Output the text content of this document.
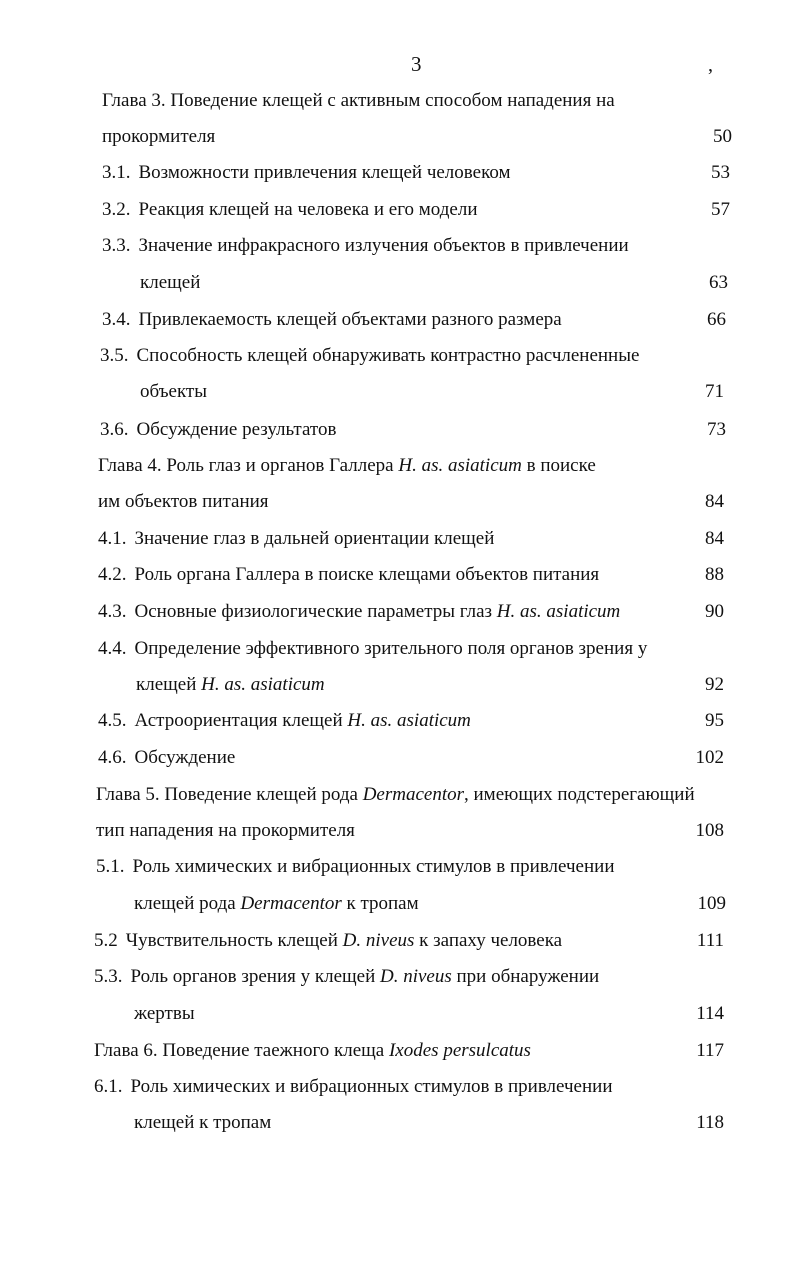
3	,
Глава 3. Поведение клещей с активным способом нападения на
прокормителя	50
3.1. Возможности привлечения клещей человеком	53
3.2. Реакция клещей на человека и его модели	57
3.3. Значение инфракрасного излучения объектов в привлечении
клещей	63
3.4. Привлекаемость клещей объектами разного размера	66
3.5. Способность клещей обнаруживать контрастно расчлененные
объекты	71
3.6. Обсуждение результатов	73
Глава 4. Роль глаз и органов Галлера H. as. asiaticum в поиске
им объектов питания	84
4.1. Значение глаз в дальней ориентации клещей	84
4.2. Роль органа Галлера в поиске клещами объектов питания	88
4.3. Основные физиологические параметры глаз H. as. asiaticum	90
4.4. Определение эффективного зрительного поля органов зрения у
клещей H. as. asiaticum	92
4.5. Астроориентация клещей H. as. asiaticum	95
4.6. Обсуждение	102
Глава 5. Поведение клещей рода Dermacentor, имеющих подстерегающий
тип нападения на прокормителя	108
5.1. Роль химических и вибрационных стимулов в привлечении
клещей рода Dermacentor к тропам	109
5.2 Чувствительность клещей D. niveus к запаху человека	111
5.3. Роль органов зрения у клещей D. niveus при обнаружении
жертвы	114
Глава 6. Поведение таежного клеща Ixodes persulcatus	117
6.1. Роль химических и вибрационных стимулов в привлечении
клещей к тропам	118
